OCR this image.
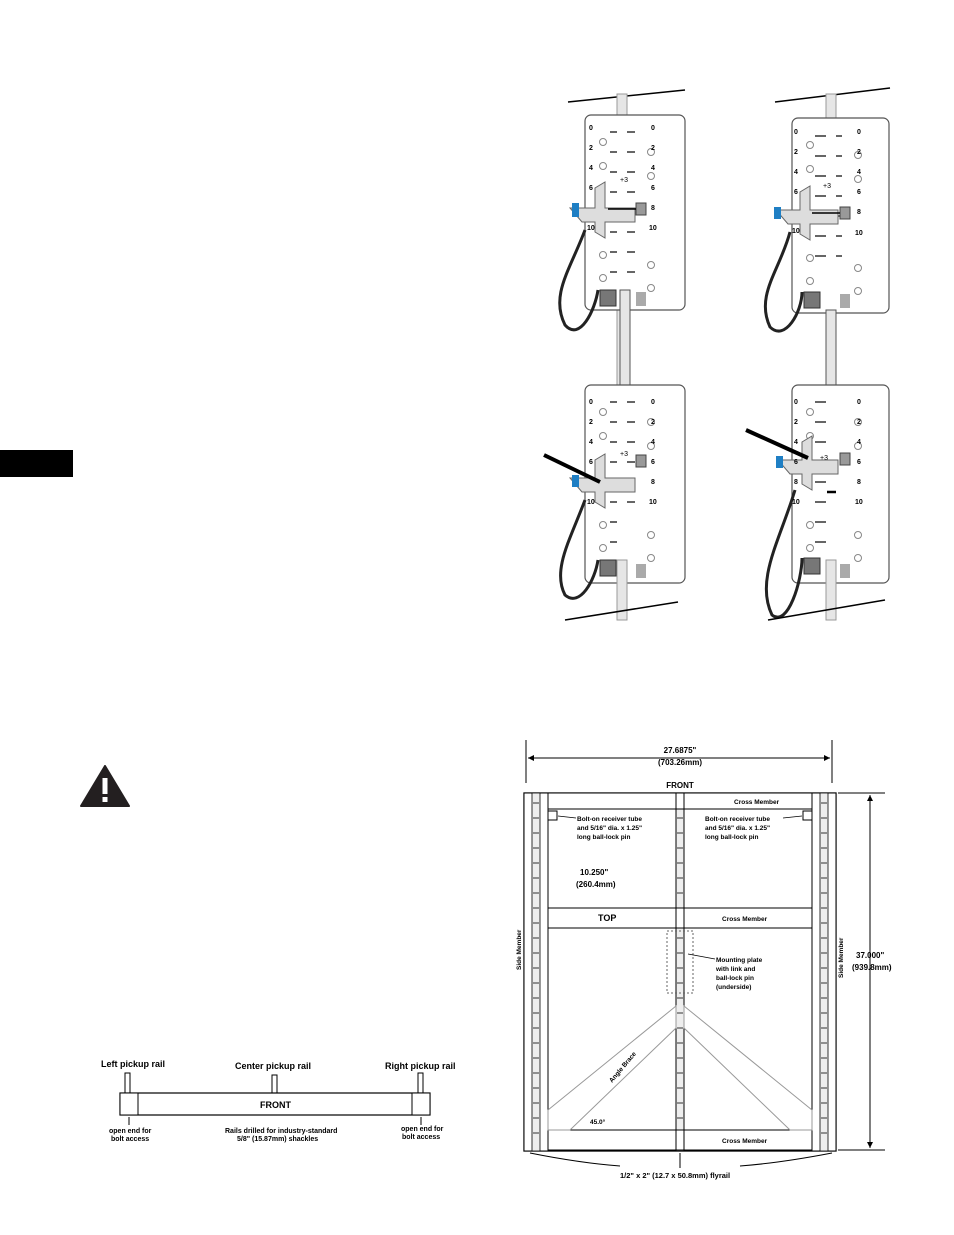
0
2
4
6
10
0
2
4
6
8
10
+3
0
2
4
6
10
0
2
4
6
8
10
+3
0
2
4
6
10
0
2
4
6
8
10
+3
0
2
4
6
8
10
0
2
4
6
8
10
+3
Left pickup rail	Center pickup rail	Right pickup rail
FRONT
open end for
bolt access
open end for
bolt access
Rails drilled for industry-standard
5/8" (15.87mm) shackles
27.6875"
(703.26mm)
FRONT
Cross Member
Cross Member
Cross Member
Bolt-on receiver tube
and 5/16" dia. x 1.25"
long ball-lock pin
Bolt-on receiver tube
and 5/16" dia. x 1.25"
long ball-lock pin
Mounting plate
with link and
ball-lock pin
(underside)
45.0°
1/2" x 2" (12.7 x 50.8mm) flyrail
10.250"
(260.4mm)
TOP
37.000"
(939.8mm)
Side Member	Side Member
Angle Brace
